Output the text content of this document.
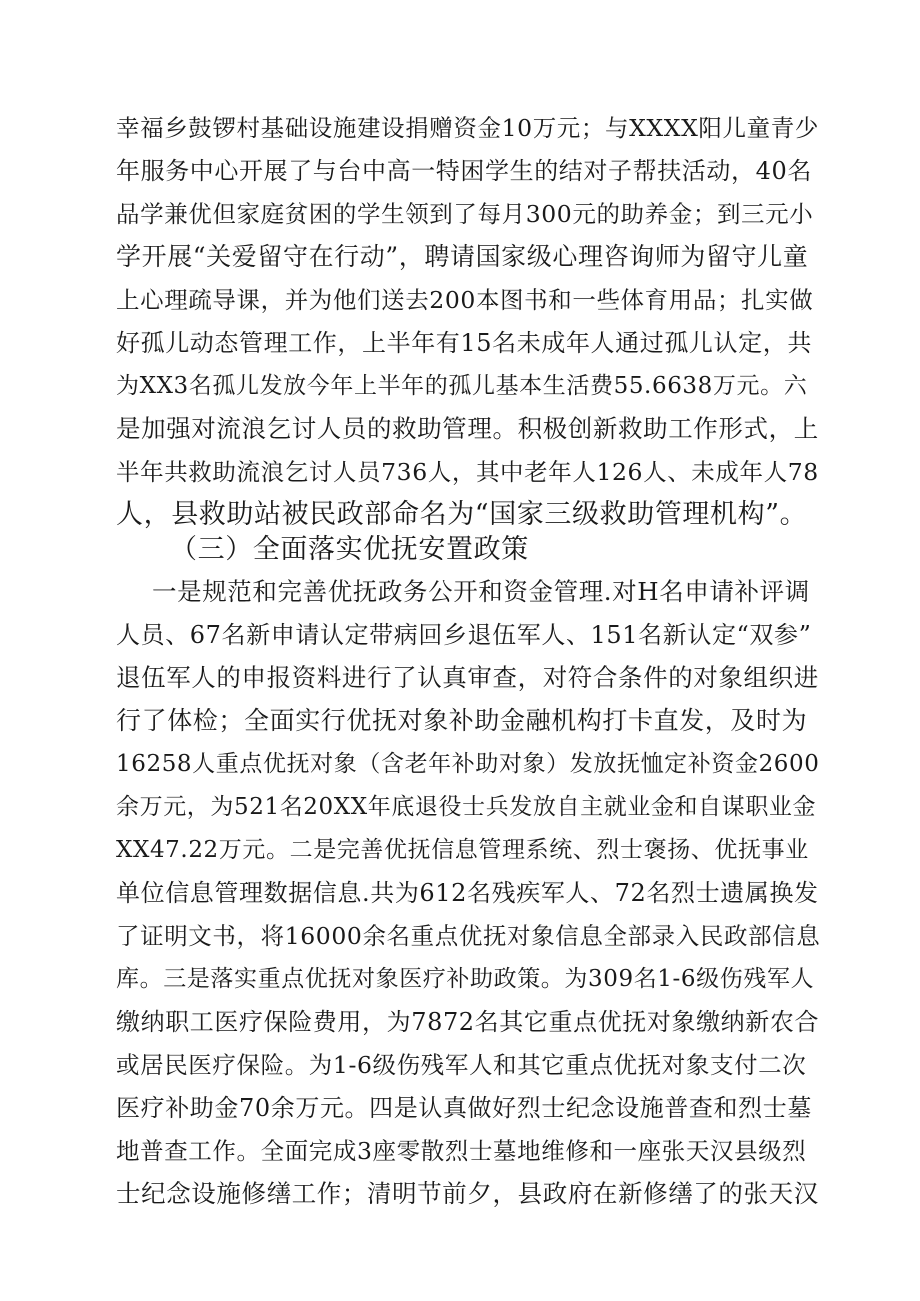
幸福乡鼓锣村基础设施建设捐赠资金10万元；与XXXX阳儿童青少
年服务中心开展了与台中高一特困学生的结对子帮扶活动，40名
品学兼优但家庭贫困的学生领到了每月300元的助养金；到三元小
学开展“关爱留守在行动”，聘请国家级心理咨询师为留守儿童
上心理疏导课，并为他们送去200本图书和一些体育用品；扎实做
好孤儿动态管理工作，上半年有15名未成年人通过孤儿认定，共
为XX3名孤儿发放今年上半年的孤儿基本生活费55.6638万元。六
是加强对流浪乞讨人员的救助管理。积极创新救助工作形式，上
半年共救助流浪乞讨人员736人，其中老年人126人、未成年人78
人，县救助站被民政部命名为“国家三级救助管理机构”。
（三）全面落实优抚安置政策
一是规范和完善优抚政务公开和资金管理.对H名申请补评调
人员、67名新申请认定带病回乡退伍军人、151名新认定“双参”
退伍军人的申报资料进行了认真审查，对符合条件的对象组织进
行了体检；全面实行优抚对象补助金融机构打卡直发，及时为
16258人重点优抚对象（含老年补助对象）发放抚恤定补资金2600
余万元，为521名20XX年底退役士兵发放自主就业金和自谋职业金
XX47.22万元。二是完善优抚信息管理系统、烈士褒扬、优抚事业
单位信息管理数据信息.共为612名残疾军人、72名烈士遗属换发
了证明文书，将16000余名重点优抚对象信息全部录入民政部信息
库。三是落实重点优抚对象医疗补助政策。为309名1-6级伤残军人
缴纳职工医疗保险费用，为7872名其它重点优抚对象缴纳新农合
或居民医疗保险。为1-6级伤残军人和其它重点优抚对象支付二次
医疗补助金70余万元。四是认真做好烈士纪念设施普查和烈士墓
地普查工作。全面完成3座零散烈士墓地维修和一座张天汉县级烈
士纪念设施修缮工作；清明节前夕，县政府在新修缮了的张天汉
